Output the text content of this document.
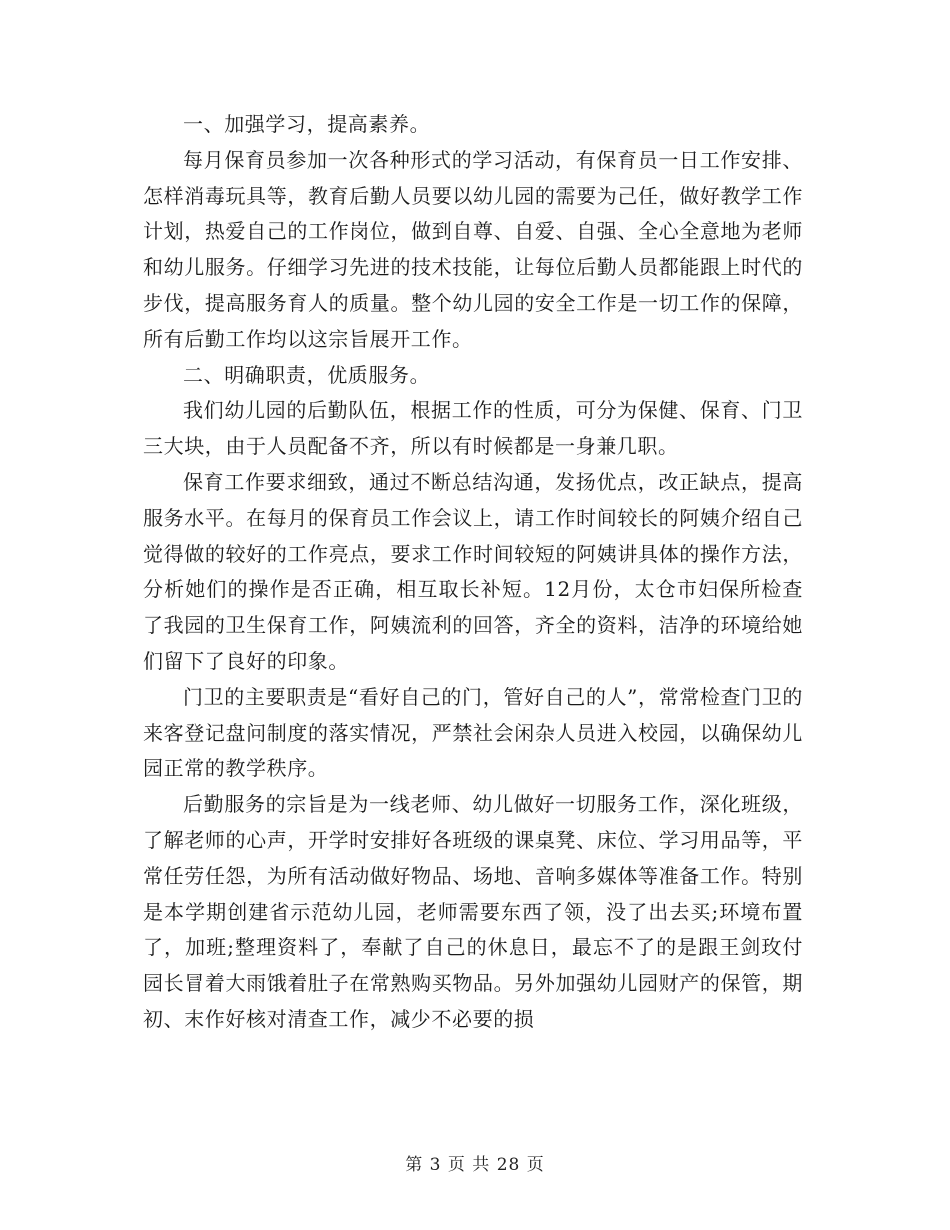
一、加强学习，提高素养。

每月保育员参加一次各种形式的学习活动，有保育员一日工作安排、怎样消毒玩具等，教育后勤人员要以幼儿园的需要为己任，做好教学工作计划，热爱自己的工作岗位，做到自尊、自爱、自强、全心全意地为老师和幼儿服务。仔细学习先进的技术技能，让每位后勤人员都能跟上时代的步伐，提高服务育人的质量。整个幼儿园的安全工作是一切工作的保障，所有后勤工作均以这宗旨展开工作。

二、明确职责，优质服务。

我们幼儿园的后勤队伍，根据工作的性质，可分为保健、保育、门卫三大块，由于人员配备不齐，所以有时候都是一身兼几职。

保育工作要求细致，通过不断总结沟通，发扬优点，改正缺点，提高服务水平。在每月的保育员工作会议上，请工作时间较长的阿姨介绍自己觉得做的较好的工作亮点，要求工作时间较短的阿姨讲具体的操作方法，分析她们的操作是否正确，相互取长补短。12月份，太仓市妇保所检查了我园的卫生保育工作，阿姨流利的回答，齐全的资料，洁净的环境给她们留下了良好的印象。

门卫的主要职责是“看好自己的门，管好自己的人”，常常检查门卫的来客登记盘问制度的落实情况，严禁社会闲杂人员进入校园，以确保幼儿园正常的教学秩序。

后勤服务的宗旨是为一线老师、幼儿做好一切服务工作，深化班级，了解老师的心声，开学时安排好各班级的课桌凳、床位、学习用品等，平常任劳任怨，为所有活动做好物品、场地、音响多媒体等准备工作。特别是本学期创建省示范幼儿园，老师需要东西了领，没了出去买;环境布置了，加班;整理资料了，奉献了自己的休息日，最忘不了的是跟王剑玫付园长冒着大雨饿着肚子在常熟购买物品。另外加强幼儿园财产的保管，期初、末作好核对清查工作，减少不必要的损

第 3 页 共 28 页
